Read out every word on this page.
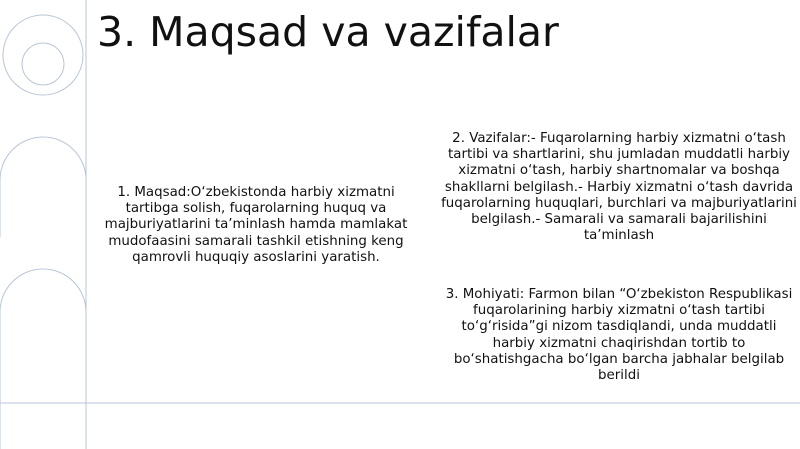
3. Maqsad va vazifalar
1. Maqsad:O‘zbekistonda harbiy xizmatni tartibga solish, fuqarolarning huquq va majburiyatlarini ta’minlash hamda mamlakat mudofaasini samarali tashkil etishning keng qamrovli huquqiy asoslarini yaratish.
2. Vazifalar:- Fuqarolarning harbiy xizmatni o‘tash tartibi va shartlarini, shu jumladan muddatli harbiy xizmatni o‘tash, harbiy shartnomalar va boshqa shakllarni belgilash.- Harbiy xizmatni o‘tash davrida fuqarolarning huquqlari, burchlari va majburiyatlarini belgilash.- Samarali va samarali bajarilishini ta’minlash
3. Mohiyati: Farmon bilan “O‘zbekiston Respublikasi fuqarolarining harbiy xizmatni o‘tash tartibi to‘g‘risida”gi nizom tasdiqlandi, unda muddatli harbiy xizmatni chaqirishdan tortib to bo‘shatishgacha bo‘lgan barcha jabhalar belgilab berildi
